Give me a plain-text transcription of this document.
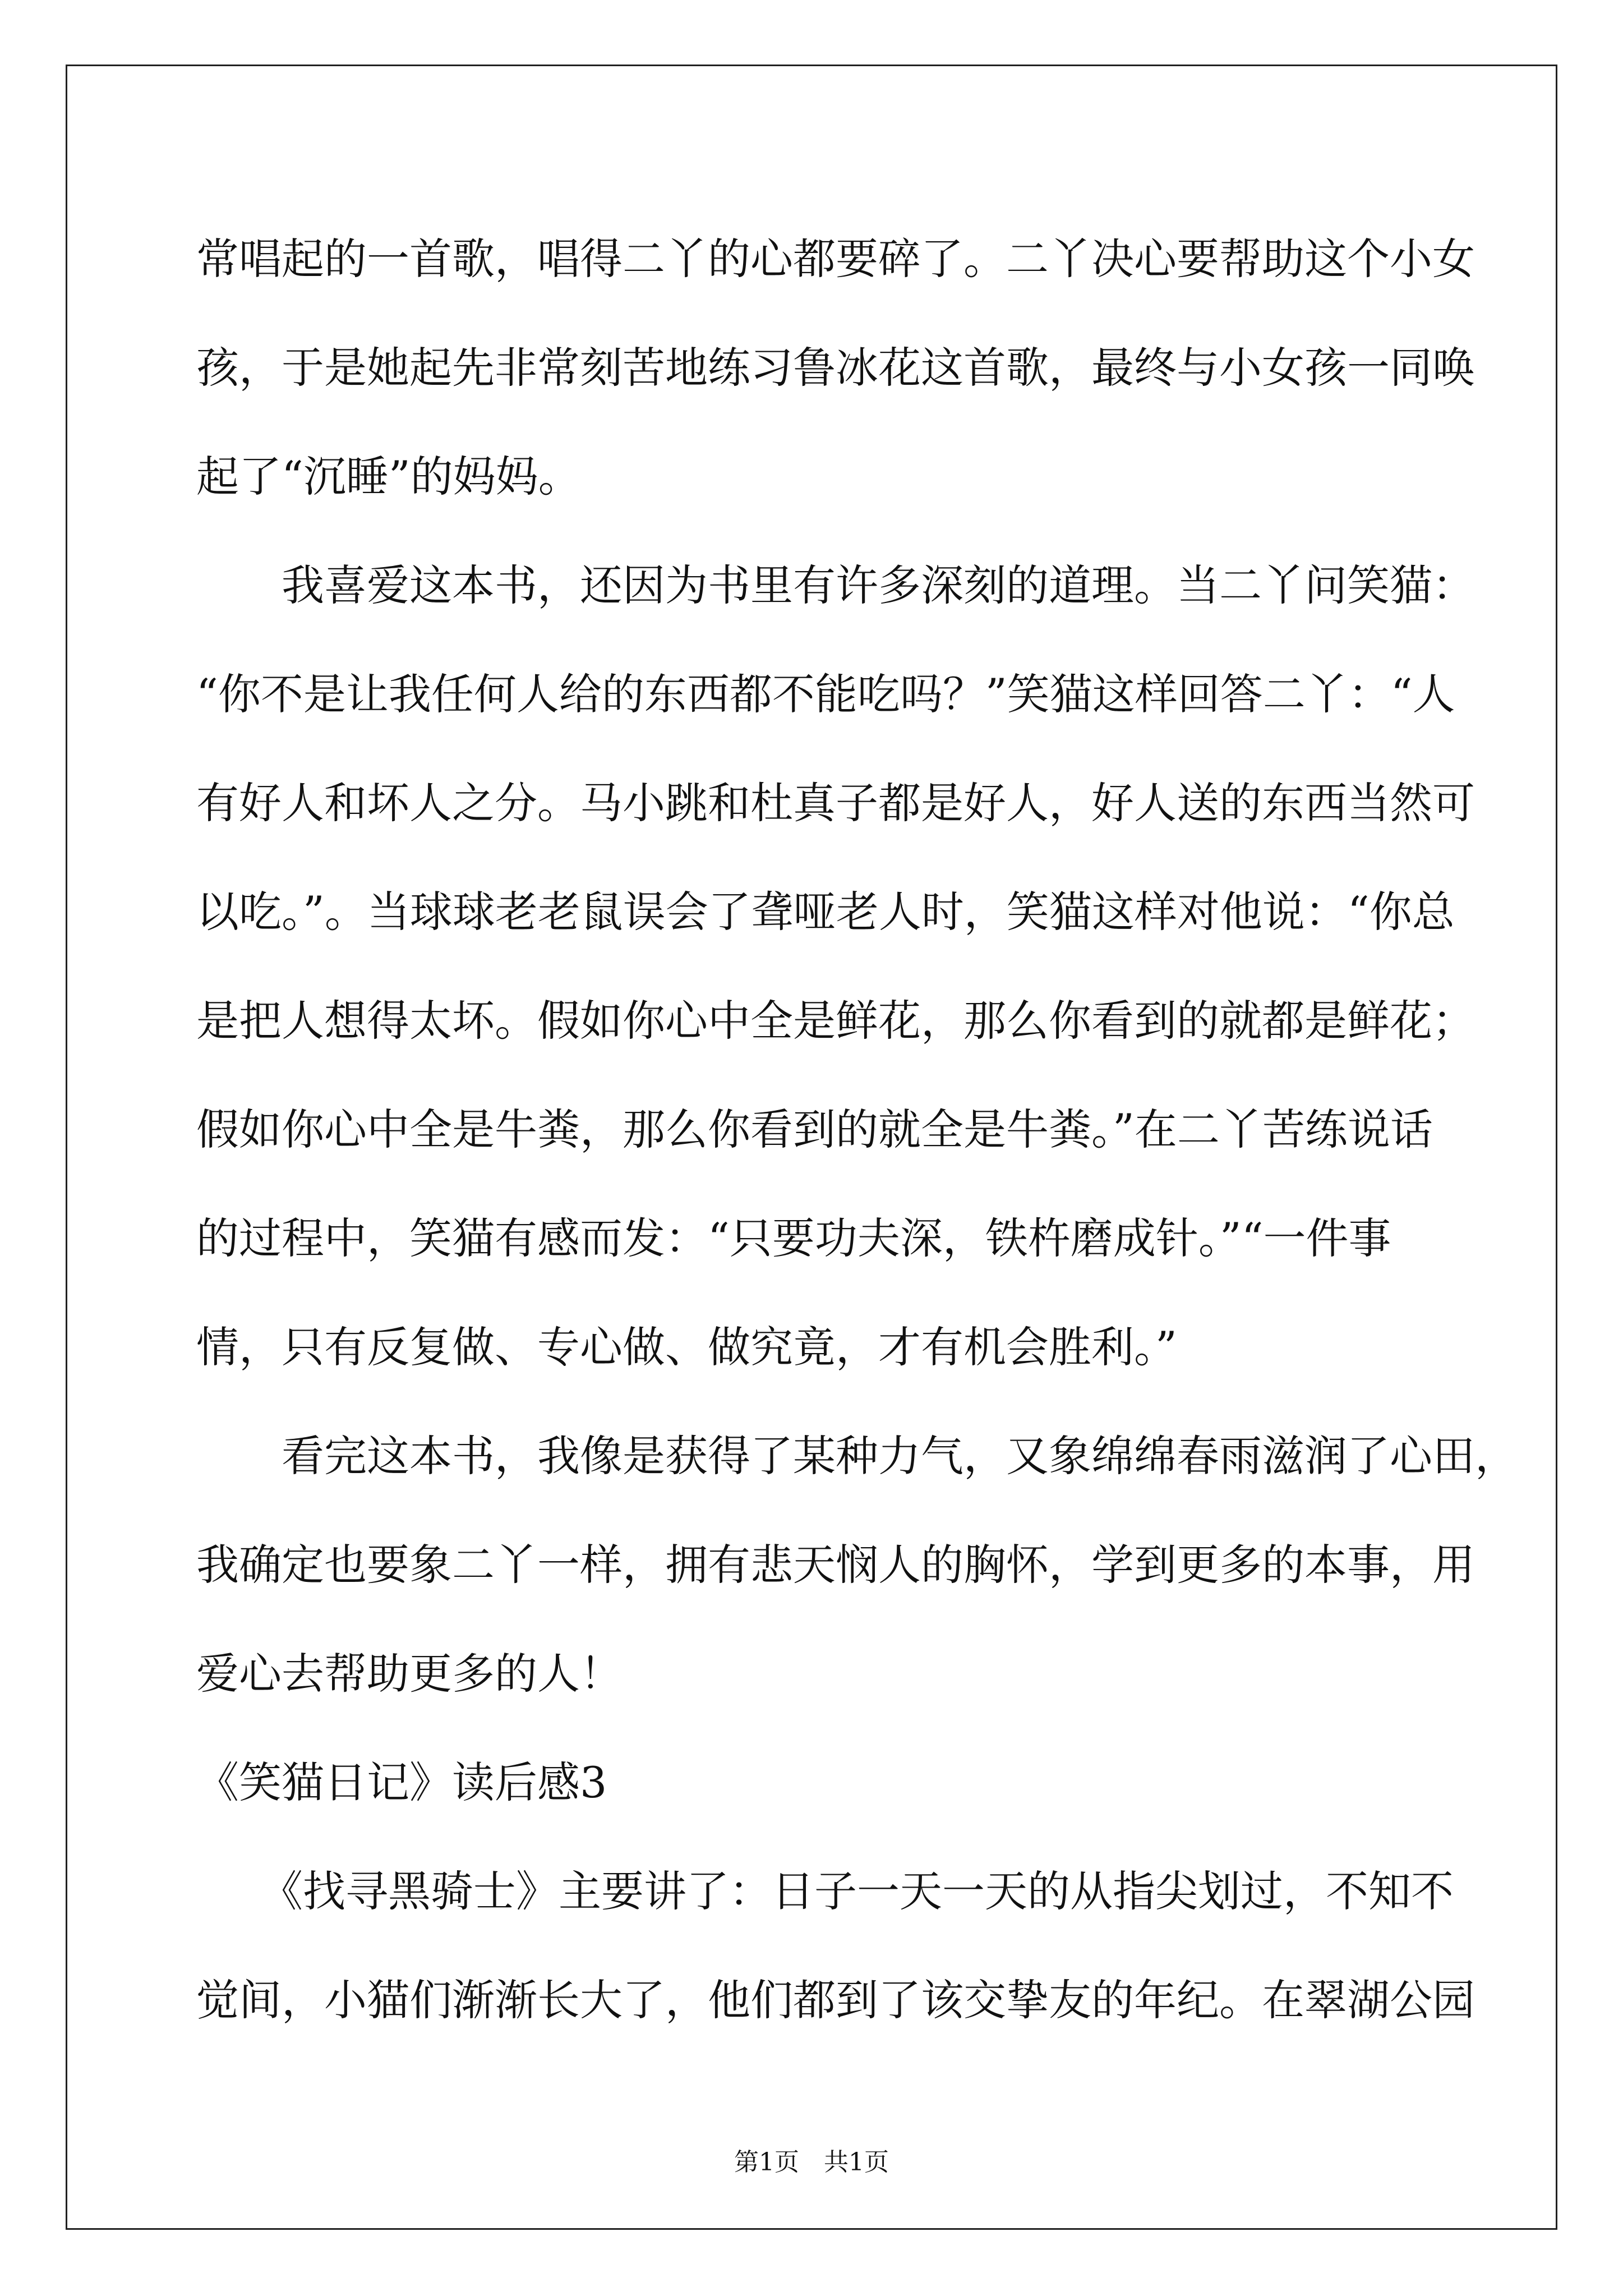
常唱起的一首歌，唱得二丫的心都要碎了。二丫决心要帮助这个小女
孩，于是她起先非常刻苦地练习鲁冰花这首歌，最终与小女孩一同唤
起了“沉睡”的妈妈。
　　我喜爱这本书，还因为书里有许多深刻的道理。当二丫问笑猫：
“你不是让我任何人给的东西都不能吃吗？”笑猫这样回答二丫：“人
有好人和坏人之分。马小跳和杜真子都是好人，好人送的东西当然可
以吃。”。当球球老老鼠误会了聋哑老人时，笑猫这样对他说：“你总
是把人想得太坏。假如你心中全是鲜花，那么你看到的就都是鲜花；
假如你心中全是牛粪，那么你看到的就全是牛粪。”在二丫苦练说话
的过程中，笑猫有感而发：“只要功夫深，铁杵磨成针。”“一件事
情，只有反复做、专心做、做究竟，才有机会胜利。”
　　看完这本书，我像是获得了某种力气，又象绵绵春雨滋润了心田，
我确定也要象二丫一样，拥有悲天悯人的胸怀，学到更多的本事，用
爱心去帮助更多的人！
《笑猫日记》读后感3
　　《找寻黑骑士》主要讲了：日子一天一天的从指尖划过，不知不
觉间，小猫们渐渐长大了，他们都到了该交挚友的年纪。在翠湖公园
第1页　共1页
